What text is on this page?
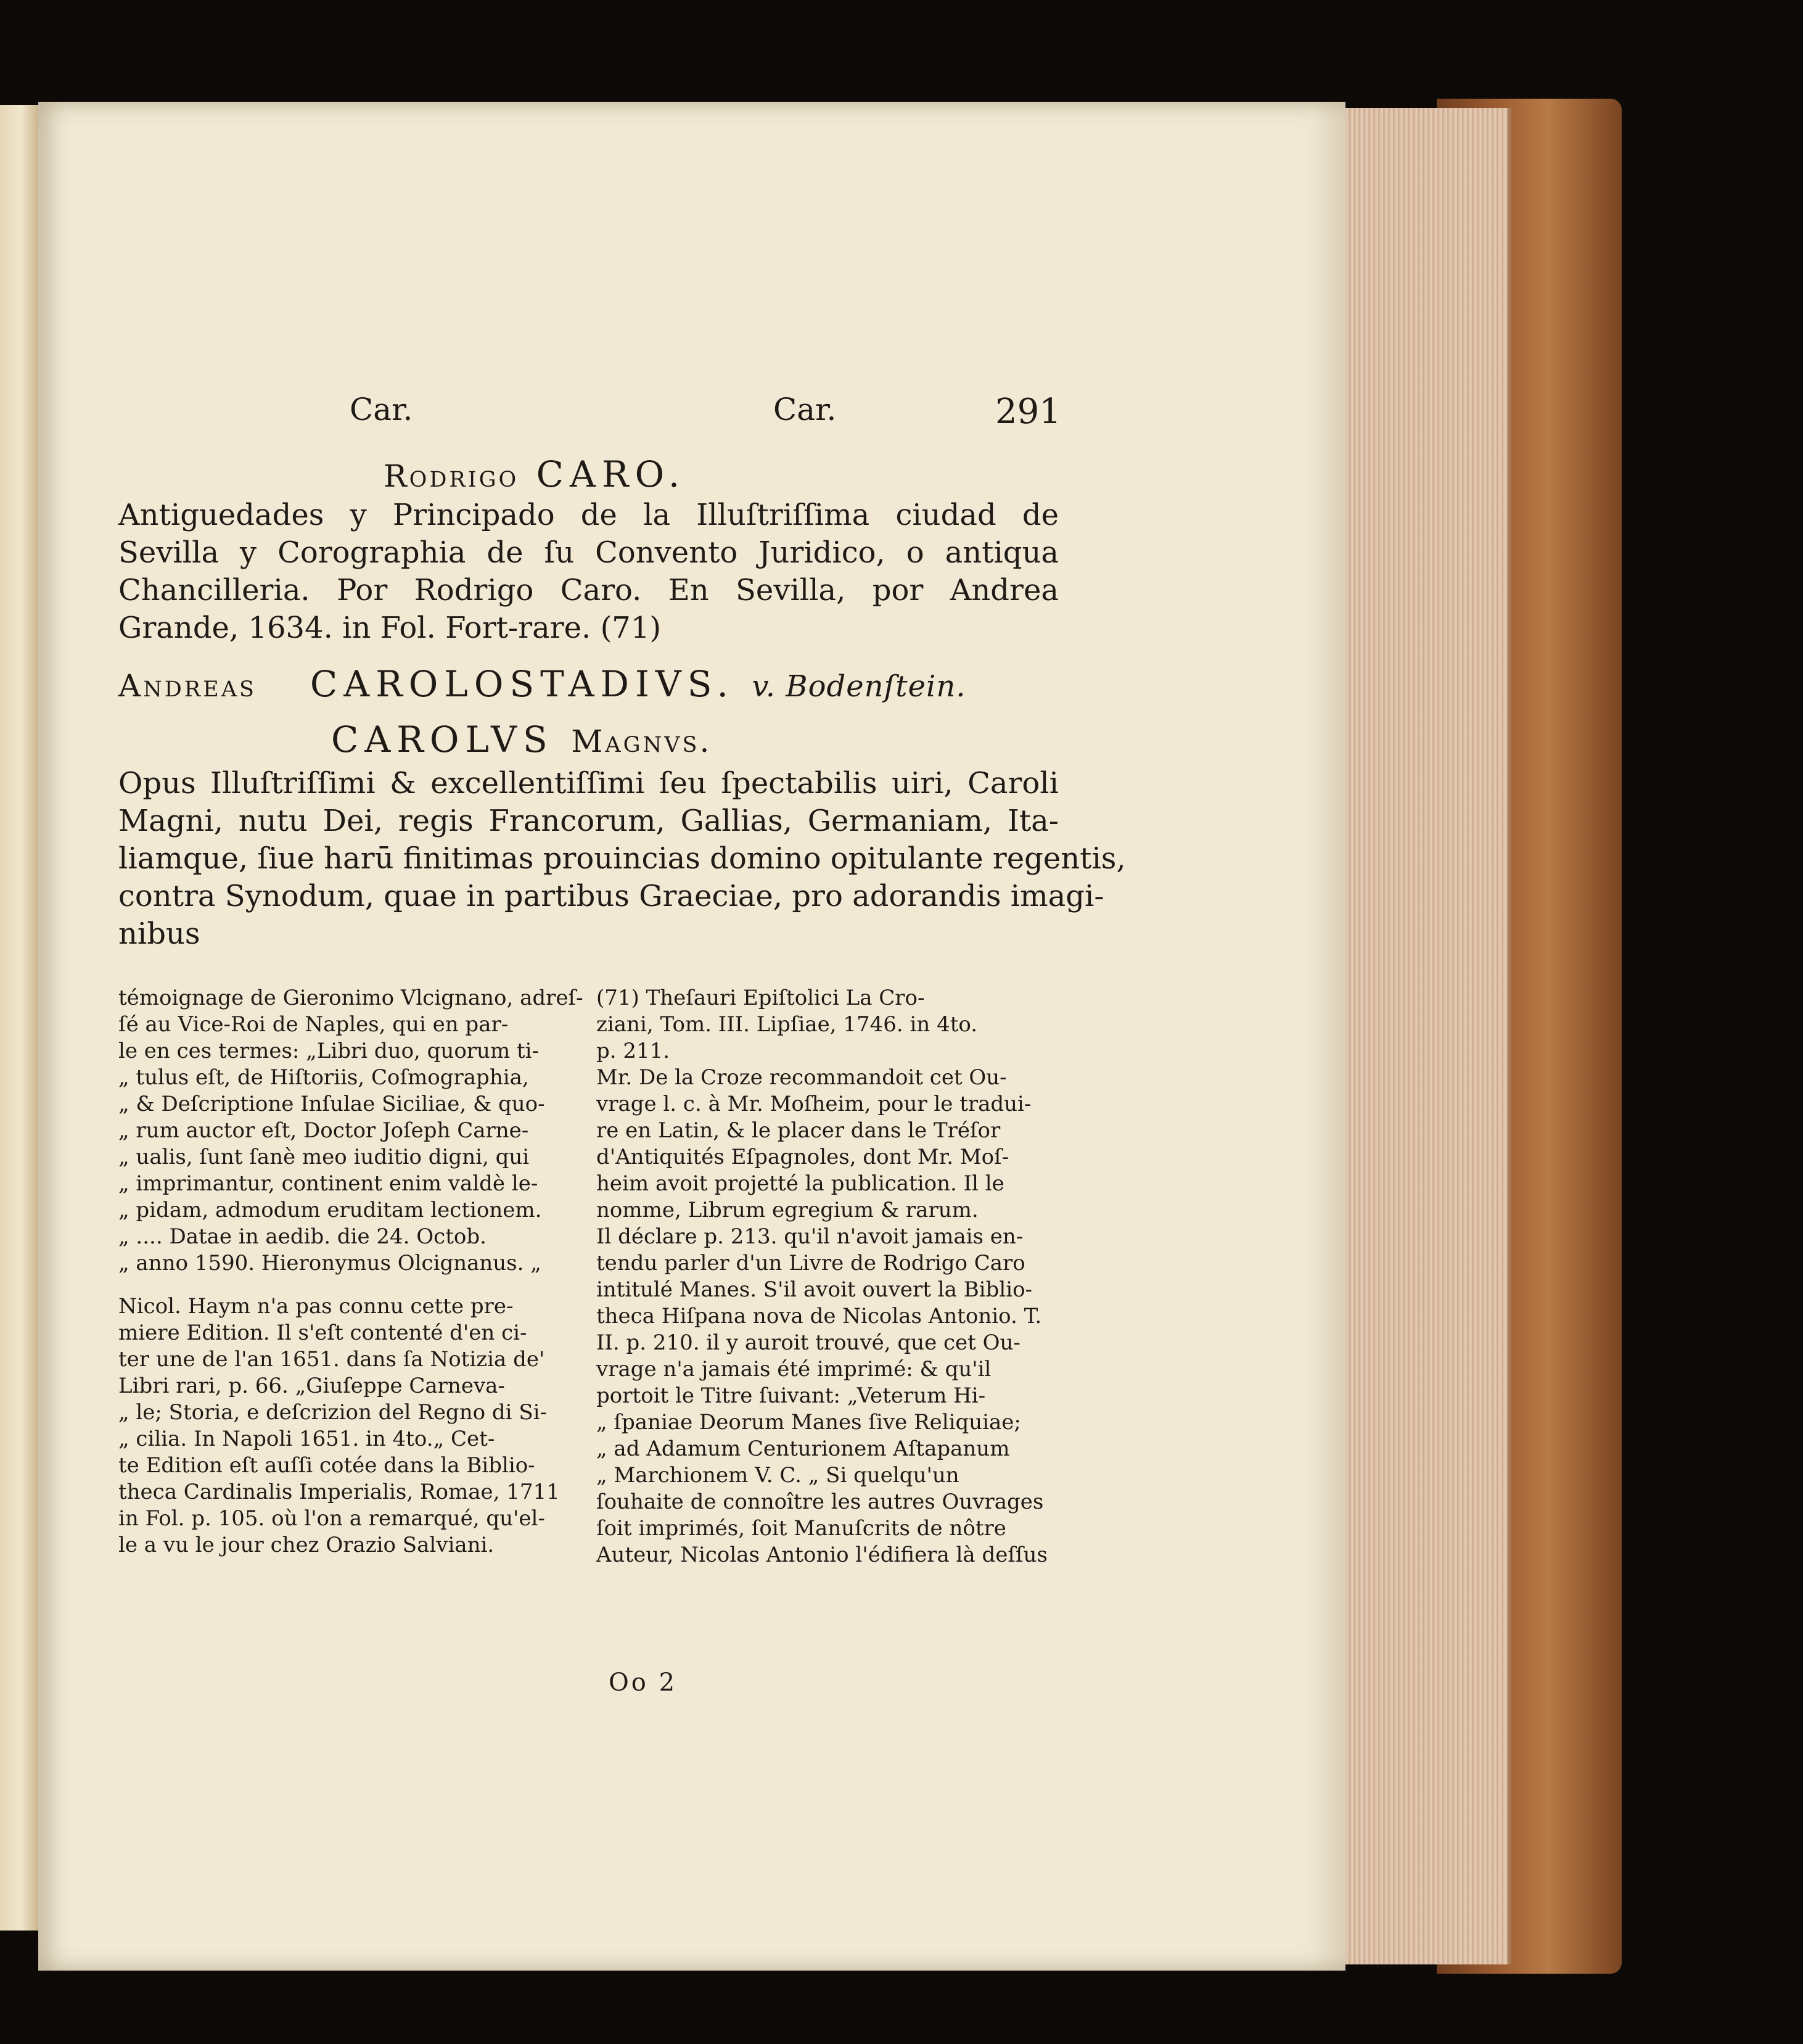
Car.	Car.	291
Rodrigo CARO.
Antiguedades y Principado de la Illuſtriſſima ciudad de
Sevilla y Corographia de ſu Convento Juridico, o antiqua
Chancilleria. Por Rodrigo Caro. En Sevilla, por Andrea
Grande, 1634. in Fol. Fort-rare. (71)
Andreas CAROLOSTADIVS. v. Bodenſtein.
CAROLVS Magnvs.
Opus Illuſtriſſimi & excellentiſſimi ſeu ſpectabilis uiri, Caroli
Magni, nutu Dei, regis Francorum, Gallias, Germaniam, Ita-
liamque, ſiue harū finitimas prouincias domino opitulante regentis,
contra Synodum, quae in partibus Graeciae, pro adorandis imagi-
nibus
témoignage de Gieronimo Vlcignano, adreſ-
ſé au Vice-Roi de Naples, qui en par-
le en ces termes: „Libri duo, quorum ti-
„ tulus eſt, de Hiſtoriis, Coſmographia,
„ & Deſcriptione Inſulae Siciliae, & quo-
„ rum auctor eſt, Doctor Joſeph Carne-
„ ualis, ſunt ſanè meo iuditio digni, qui
„ imprimantur, continent enim valdè le-
„ pidam, admodum eruditam lectionem.
„ .... Datae in aedib. die 24. Octob.
„ anno 1590. Hieronymus Olcignanus. „
Nicol. Haym n'a pas connu cette pre-
miere Edition. Il s'eſt contenté d'en ci-
ter une de l'an 1651. dans ſa Notizia de'
Libri rari, p. 66. „Giuſeppe Carneva-
„ le; Storia, e deſcrizion del Regno di Si-
„ cilia. In Napoli 1651. in 4to.„ Cet-
te Edition eſt auſſi cotée dans la Biblio-
theca Cardinalis Imperialis, Romae, 1711
in Fol. p. 105. où l'on a remarqué, qu'el-
le a vu le jour chez Orazio Salviani.
(71) Theſauri Epiſtolici La Cro-
ziani, Tom. III. Lipſiae, 1746. in 4to.
p. 211.
Mr. De la Croze recommandoit cet Ou-
vrage l. c. à Mr. Moſheim, pour le tradui-
re en Latin, & le placer dans le Tréſor
d'Antiquités Eſpagnoles, dont Mr. Moſ-
heim avoit projetté la publication. Il le
nomme, Librum egregium & rarum.
Il déclare p. 213. qu'il n'avoit jamais en-
tendu parler d'un Livre de Rodrigo Caro
intitulé Manes. S'il avoit ouvert la Biblio-
theca Hiſpana nova de Nicolas Antonio. T.
II. p. 210. il y auroit trouvé, que cet Ou-
vrage n'a jamais été imprimé: & qu'il
portoit le Titre ſuivant: „Veterum Hi-
„ ſpaniae Deorum Manes ſive Reliquiae;
„ ad Adamum Centurionem Aſtapanum
„ Marchionem V. C. „ Si quelqu'un
ſouhaite de connoître les autres Ouvrages
ſoit imprimés, ſoit Manuſcrits de nôtre
Auteur, Nicolas Antonio l'édifiera là deſſus
Oo 2
